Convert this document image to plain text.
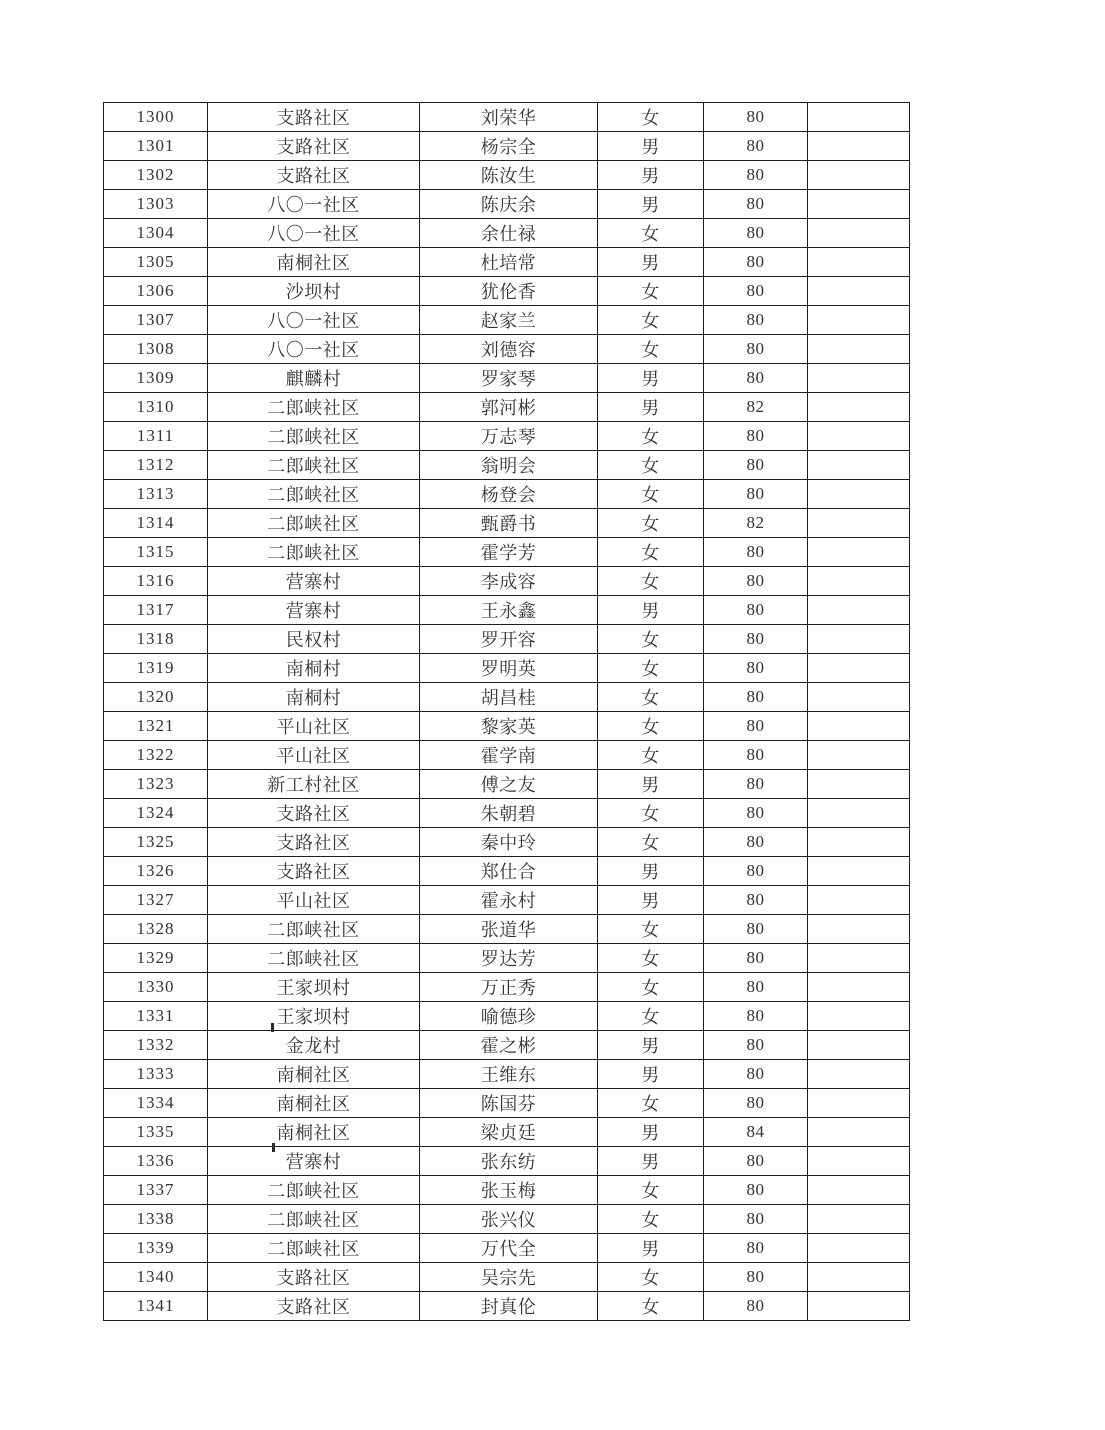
1300	支路社区	刘荣华	女	80	
1301	支路社区	杨宗全	男	80	
1302	支路社区	陈汝生	男	80	
1303	八〇一社区	陈庆余	男	80	
1304	八〇一社区	余仕禄	女	80	
1305	南桐社区	杜培常	男	80	
1306	沙坝村	犹伦香	女	80	
1307	八〇一社区	赵家兰	女	80	
1308	八〇一社区	刘德容	女	80	
1309	麒麟村	罗家琴	男	80	
1310	二郎峡社区	郭河彬	男	82	
1311	二郎峡社区	万志琴	女	80	
1312	二郎峡社区	翁明会	女	80	
1313	二郎峡社区	杨登会	女	80	
1314	二郎峡社区	甄爵书	女	82	
1315	二郎峡社区	霍学芳	女	80	
1316	营寨村	李成容	女	80	
1317	营寨村	王永鑫	男	80	
1318	民权村	罗开容	女	80	
1319	南桐村	罗明英	女	80	
1320	南桐村	胡昌桂	女	80	
1321	平山社区	黎家英	女	80	
1322	平山社区	霍学南	女	80	
1323	新工村社区	傅之友	男	80	
1324	支路社区	朱朝碧	女	80	
1325	支路社区	秦中玲	女	80	
1326	支路社区	郑仕合	男	80	
1327	平山社区	霍永村	男	80	
1328	二郎峡社区	张道华	女	80	
1329	二郎峡社区	罗达芳	女	80	
1330	王家坝村	万正秀	女	80	
1331	王家坝村	喻德珍	女	80	
1332	金龙村	霍之彬	男	80	
1333	南桐社区	王维东	男	80	
1334	南桐社区	陈国芬	女	80	
1335	南桐社区	梁贞廷	男	84	
1336	营寨村	张东纺	男	80	
1337	二郎峡社区	张玉梅	女	80	
1338	二郎峡社区	张兴仪	女	80	
1339	二郎峡社区	万代全	男	80	
1340	支路社区	吴宗先	女	80	
1341	支路社区	封真伦	女	80	
